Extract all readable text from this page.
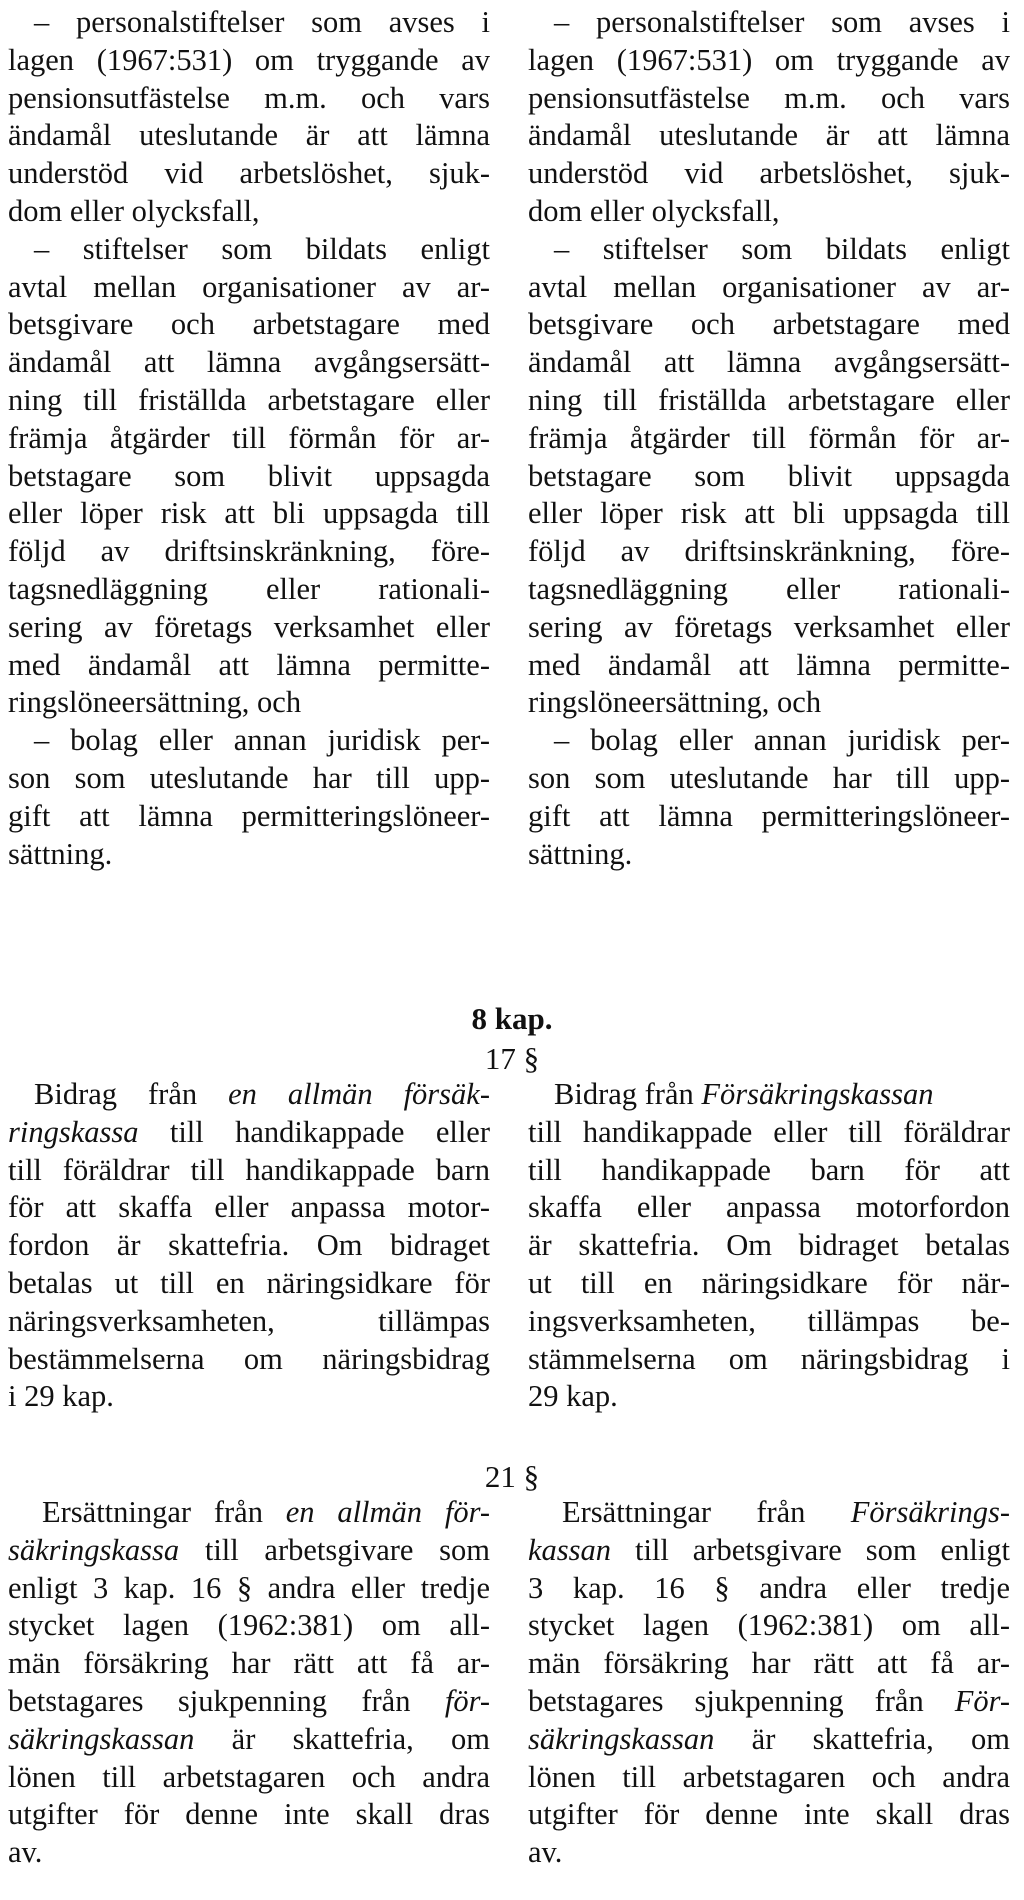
– personalstiftelser som avses i
lagen (1967:531) om tryggande av
pensionsutfästelse m.m. och vars
ändamål uteslutande är att lämna
understöd vid arbetslöshet, sjuk-
dom eller olycksfall,
– stiftelser som bildats enligt
avtal mellan organisationer av ar-
betsgivare och arbetstagare med
ändamål att lämna avgångsersätt-
ning till friställda arbetstagare eller
främja åtgärder till förmån för ar-
betstagare som blivit uppsagda
eller löper risk att bli uppsagda till
följd av driftsinskränkning, före-
tagsnedläggning eller rationali-
sering av företags verksamhet eller
med ändamål att lämna permitte-
ringslöneersättning, och
– bolag eller annan juridisk per-
son som uteslutande har till upp-
gift att lämna permitteringslöneer-
sättning.
– personalstiftelser som avses i
lagen (1967:531) om tryggande av
pensionsutfästelse m.m. och vars
ändamål uteslutande är att lämna
understöd vid arbetslöshet, sjuk-
dom eller olycksfall,
– stiftelser som bildats enligt
avtal mellan organisationer av ar-
betsgivare och arbetstagare med
ändamål att lämna avgångsersätt-
ning till friställda arbetstagare eller
främja åtgärder till förmån för ar-
betstagare som blivit uppsagda
eller löper risk att bli uppsagda till
följd av driftsinskränkning, före-
tagsnedläggning eller rationali-
sering av företags verksamhet eller
med ändamål att lämna permitte-
ringslöneersättning, och
– bolag eller annan juridisk per-
son som uteslutande har till upp-
gift att lämna permitteringslöneer-
sättning.
8 kap.
17 §
Bidrag från en allmän försäk-
ringskassa till handikappade eller
till föräldrar till handikappade barn
för att skaffa eller anpassa motor-
fordon är skattefria. Om bidraget
betalas ut till en näringsidkare för
näringsverksamheten, tillämpas
bestämmelserna om näringsbidrag
i 29 kap.
Bidrag från Försäkringskassan
till handikappade eller till föräldrar
till handikappade barn för att
skaffa eller anpassa motorfordon
är skattefria. Om bidraget betalas
ut till en näringsidkare för när-
ingsverksamheten, tillämpas be-
stämmelserna om näringsbidrag i
29 kap.
21 §
Ersättningar från en allmän för-
säkringskassa till arbetsgivare som
enligt 3 kap. 16 § andra eller tredje
stycket lagen (1962:381) om all-
män försäkring har rätt att få ar-
betstagares sjukpenning från för-
säkringskassan är skattefria, om
lönen till arbetstagaren och andra
utgifter för denne inte skall dras
av.
Ersättningar från Försäkrings-
kassan till arbetsgivare som enligt
3 kap. 16 § andra eller tredje
stycket lagen (1962:381) om all-
män försäkring har rätt att få ar-
betstagares sjukpenning från För-
säkringskassan är skattefria, om
lönen till arbetstagaren och andra
utgifter för denne inte skall dras
av.
